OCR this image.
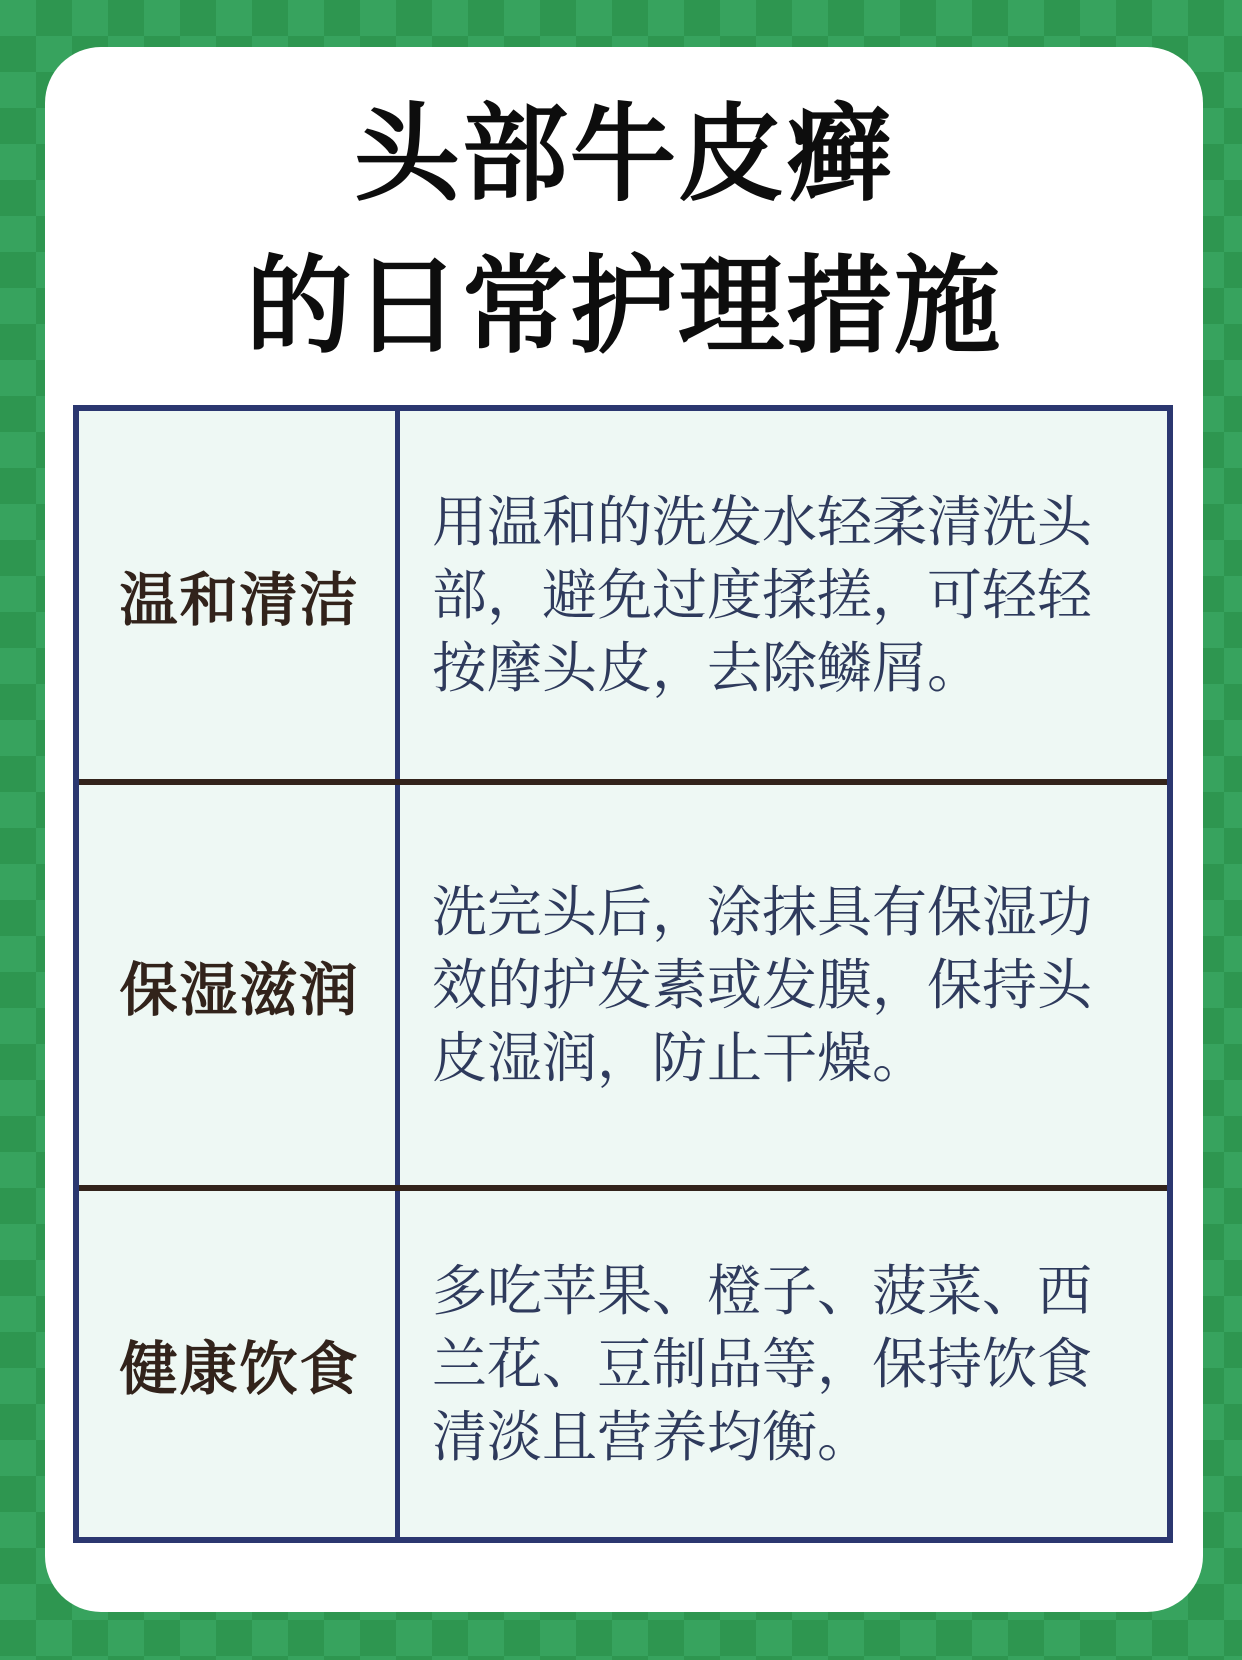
头部牛皮癣
的日常护理措施
温和清洁
用温和的洗发水轻柔清洗头部，避免过度揉搓，可轻轻按摩头皮，去除鳞屑。
保湿滋润
洗完头后，涂抹具有保湿功效的护发素或发膜，保持头皮湿润，防止干燥。
健康饮食
多吃苹果、橙子、菠菜、西兰花、豆制品等，保持饮食清淡且营养均衡。
